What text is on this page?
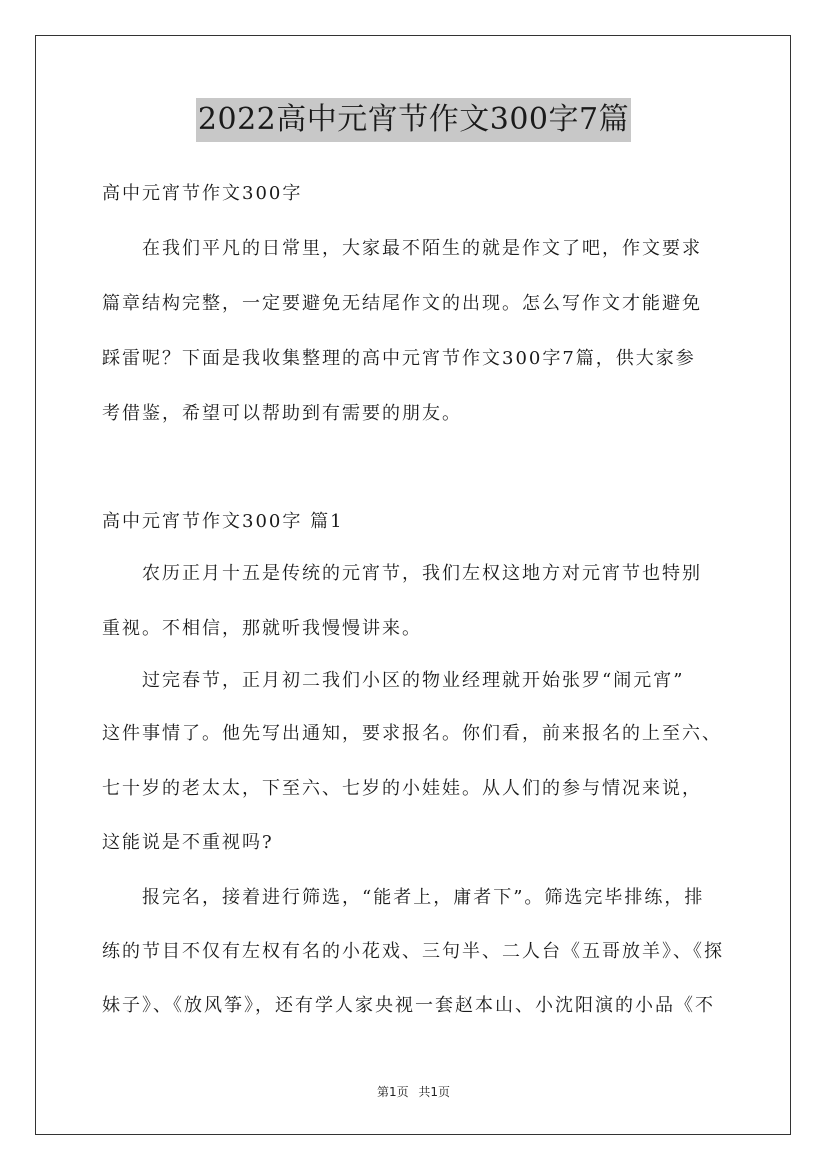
2022高中元宵节作文300字7篇
高中元宵节作文300字
　　在我们平凡的日常里，大家最不陌生的就是作文了吧，作文要求
篇章结构完整，一定要避免无结尾作文的出现。怎么写作文才能避免
踩雷呢？下面是我收集整理的高中元宵节作文300字7篇，供大家参
考借鉴，希望可以帮助到有需要的朋友。
高中元宵节作文300字 篇1
　　农历正月十五是传统的元宵节，我们左权这地方对元宵节也特别
重视。不相信，那就听我慢慢讲来。
　　过完春节，正月初二我们小区的物业经理就开始张罗“闹元宵”
这件事情了。他先写出通知，要求报名。你们看，前来报名的上至六、
七十岁的老太太，下至六、七岁的小娃娃。从人们的参与情况来说，
这能说是不重视吗?
　　报完名，接着进行筛选，“能者上，庸者下”。筛选完毕排练，排
练的节目不仅有左权有名的小花戏、三句半、二人台《五哥放羊》、《探
妹子》、《放风筝》，还有学人家央视一套赵本山、小沈阳演的小品《不
第1页 共1页
